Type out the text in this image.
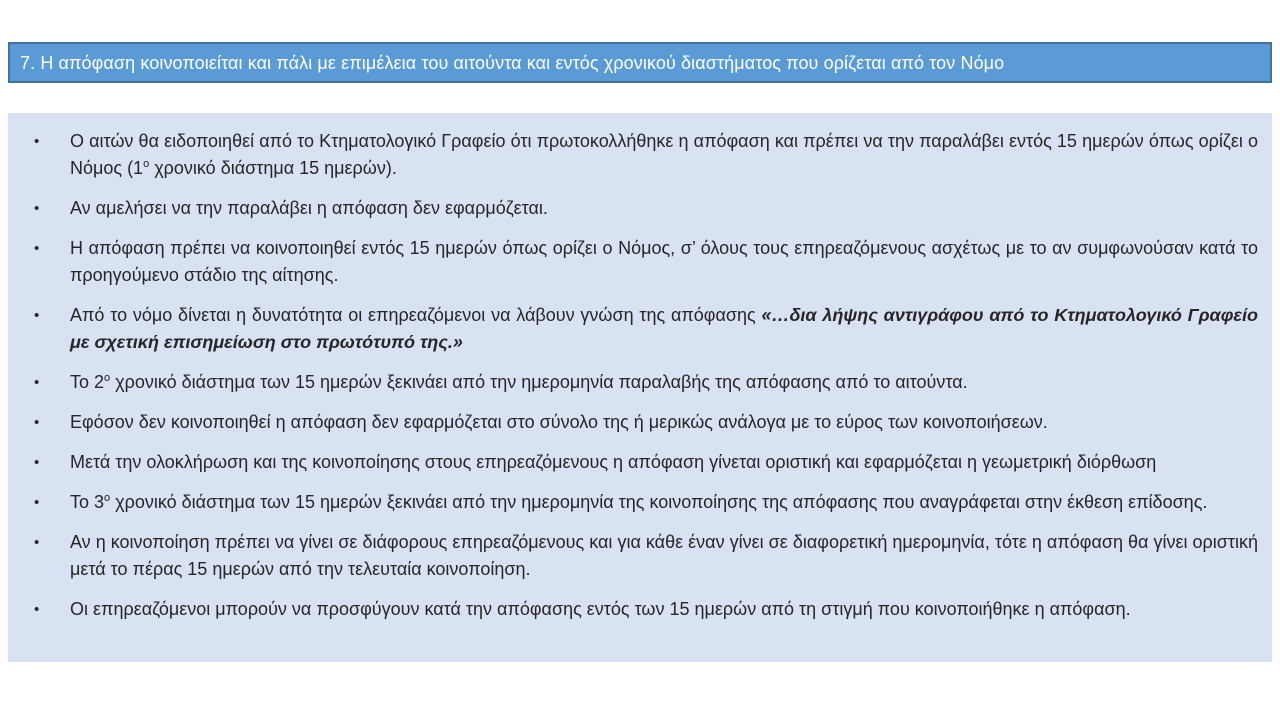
7. Η απόφαση κοινοποιείται και πάλι με επιμέλεια του αιτούντα και εντός χρονικού διαστήματος που ορίζεται από τον Νόμο
•	Ο αιτών θα ειδοποιηθεί από το Κτηματολογικό Γραφείο ότι πρωτοκολλήθηκε η απόφαση και πρέπει να την παραλάβει εντός 15 ημερών όπως ορίζει ο Νόμος ($1^o$ χρονικό διάστημα 15 ημερών).
•	Αν αμελήσει να την παραλάβει η απόφαση δεν εφαρμόζεται.
•	Η απόφαση πρέπει να κοινοποιηθεί εντός 15 ημερών όπως ορίζει ο Νόμος, σ’ όλους τους επηρεαζόμενους ασχέτως με το αν συμφωνούσαν κατά το προηγούμενο στάδιο της αίτησης.
•	Από το νόμο δίνεται η δυνατότητα οι επηρεαζόμενοι να λάβουν γνώση της απόφασης «…δια λήψης αντιγράφου από το Κτηματολογικό Γραφείο με σχετική επισημείωση στο πρωτότυπό της.»
•	Το $2^o$ χρονικό διάστημα των 15 ημερών ξεκινάει από την ημερομηνία παραλαβής της απόφασης από το αιτούντα.
•	Εφόσον δεν κοινοποιηθεί η απόφαση δεν εφαρμόζεται στο σύνολο της ή μερικώς ανάλογα με το εύρος των κοινοποιήσεων.
•	Μετά την ολοκλήρωση και της κοινοποίησης στους επηρεαζόμενους η απόφαση γίνεται οριστική και εφαρμόζεται η γεωμετρική διόρθωση
•	Το $3^o$ χρονικό διάστημα των 15 ημερών ξεκινάει από την ημερομηνία της κοινοποίησης της απόφασης που αναγράφεται στην έκθεση επίδοσης.
•	Αν η κοινοποίηση πρέπει να γίνει σε διάφορους επηρεαζόμενους και για κάθε έναν γίνει σε διαφορετική ημερομηνία, τότε η απόφαση θα γίνει οριστική μετά το πέρας 15 ημερών από την τελευταία κοινοποίηση.
•	Οι επηρεαζόμενοι μπορούν να προσφύγουν κατά την απόφασης εντός των 15 ημερών από τη στιγμή που κοινοποιήθηκε η απόφαση.
